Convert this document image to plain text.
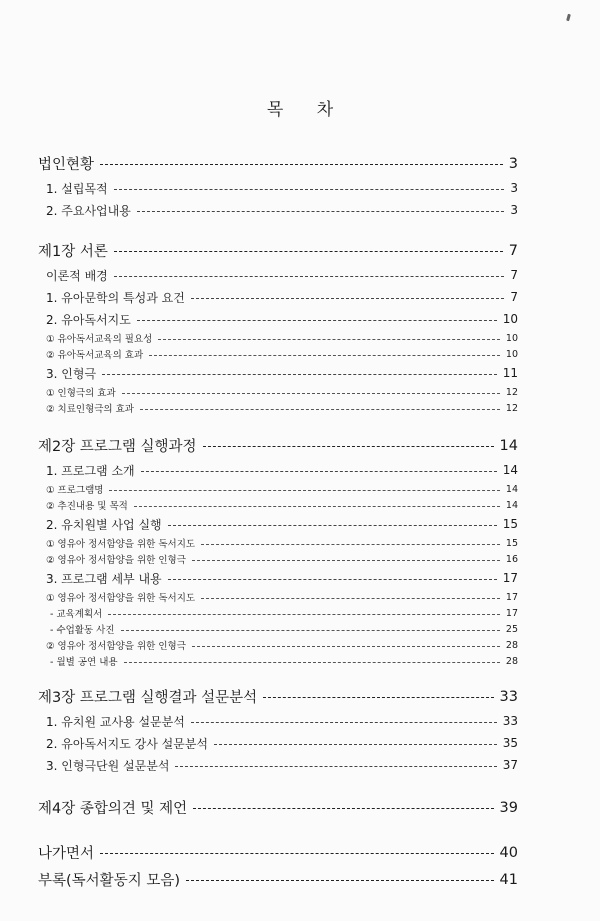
목 차
법인현황	3
1. 설립목적	3
2. 주요사업내용	3
제1장 서론	7
이론적 배경	7
1. 유아문학의 특성과 요건	7
2. 유아독서지도	10
① 유아독서교육의 필요성	10
② 유아독서교육의 효과	10
3. 인형극	11
① 인형극의 효과	12
② 치료인형극의 효과	12
제2장 프로그램 실행과정	14
1. 프로그램 소개	14
① 프로그램명	14
② 추진내용 및 목적	14
2. 유치원별 사업 실행	15
① 영유아 정서함양을 위한 독서지도	15
② 영유아 정서함양을 위한 인형극	16
3. 프로그램 세부 내용	17
① 영유아 정서함양을 위한 독서지도	17
- 교육계획서	17
- 수업활동 사진	25
② 영유아 정서함양을 위한 인형극	28
- 월별 공연 내용	28
제3장 프로그램 실행결과 설문분석	33
1. 유치원 교사용 설문분석	33
2. 유아독서지도 강사 설문분석	35
3. 인형극단원 설문분석	37
제4장 종합의견 및 제언	39
나가면서	40
부록(독서활동지 모음)	41
